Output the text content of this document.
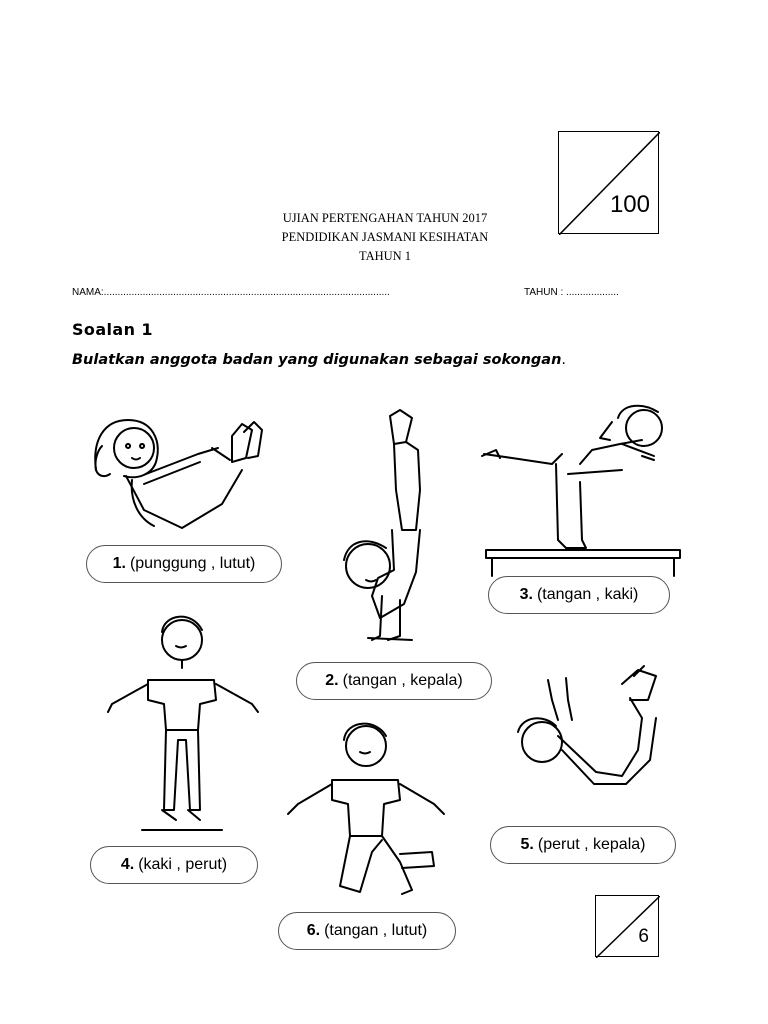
100
UJIAN PERTENGAHAN TAHUN 2017
PENDIDIKAN JASMANI KESIHATAN
TAHUN 1
NAMA:.......................................................................................................	TAHUN : ...................
Soalan 1
Bulatkan anggota badan yang digunakan sebagai sokongan.
1. (punggung , lutut)
2. (tangan , kepala)
3. (tangan , kaki)
4. (kaki , perut)
5. (perut , kepala)
6. (tangan , lutut)	6
